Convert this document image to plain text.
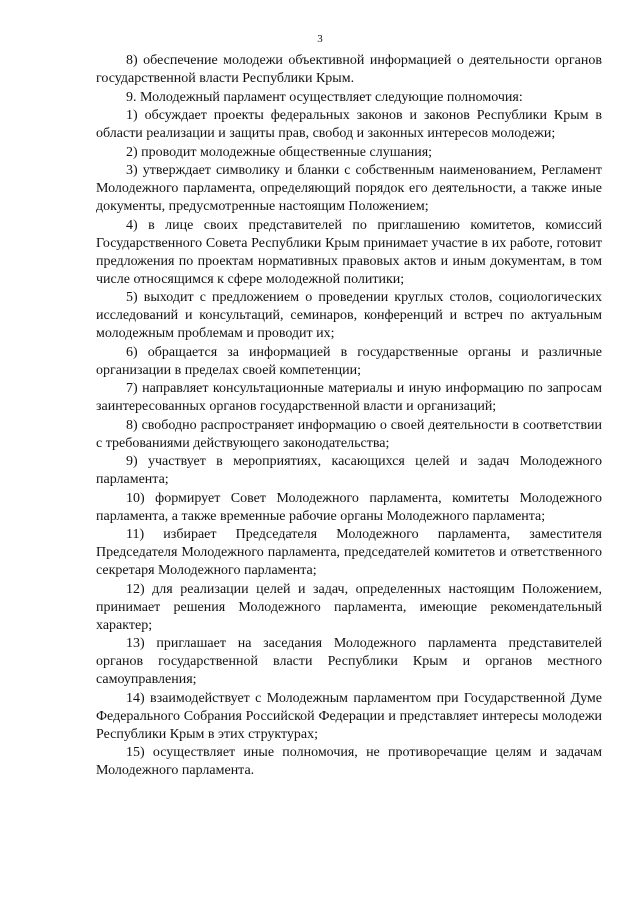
3

8) обеспечение молодежи объективной информацией о деятельности органов государственной власти Республики Крым.

9. Молодежный парламент осуществляет следующие полномочия:

1) обсуждает проекты федеральных законов и законов Республики Крым в области реализации и защиты прав, свобод и законных интересов молодежи;

2) проводит молодежные общественные слушания;

3) утверждает символику и бланки с собственным наименованием, Регламент Молодежного парламента, определяющий порядок его деятельности, а также иные документы, предусмотренные настоящим Положением;

4) в лице своих представителей по приглашению комитетов, комиссий Государственного Совета Республики Крым принимает участие в их работе, готовит предложения по проектам нормативных правовых актов и иным документам, в том числе относящимся к сфере молодежной политики;

5) выходит с предложением о проведении круглых столов, социологических исследований и консультаций, семинаров, конференций и встреч по актуальным молодежным проблемам и проводит их;

6) обращается за информацией в государственные органы и различные организации в пределах своей компетенции;

7) направляет консультационные материалы и иную информацию по запросам заинтересованных органов государственной власти и организаций;

8) свободно распространяет информацию о своей деятельности в соответствии с требованиями действующего законодательства;

9) участвует в мероприятиях, касающихся целей и задач Молодежного парламента;

10) формирует Совет Молодежного парламента, комитеты Молодежного парламента, а также временные рабочие органы Молодежного парламента;

11) избирает Председателя Молодежного парламента, заместителя Председателя Молодежного парламента, председателей комитетов и ответственного секретаря Молодежного парламента;

12) для реализации целей и задач, определенных настоящим Положением, принимает решения Молодежного парламента, имеющие рекомендательный характер;

13) приглашает на заседания Молодежного парламента представителей органов государственной власти Республики Крым и органов местного самоуправления;

14) взаимодействует с Молодежным парламентом при Государственной Думе Федерального Собрания Российской Федерации и представляет интересы молодежи Республики Крым в этих структурах;

15) осуществляет иные полномочия, не противоречащие целям и задачам Молодежного парламента.
